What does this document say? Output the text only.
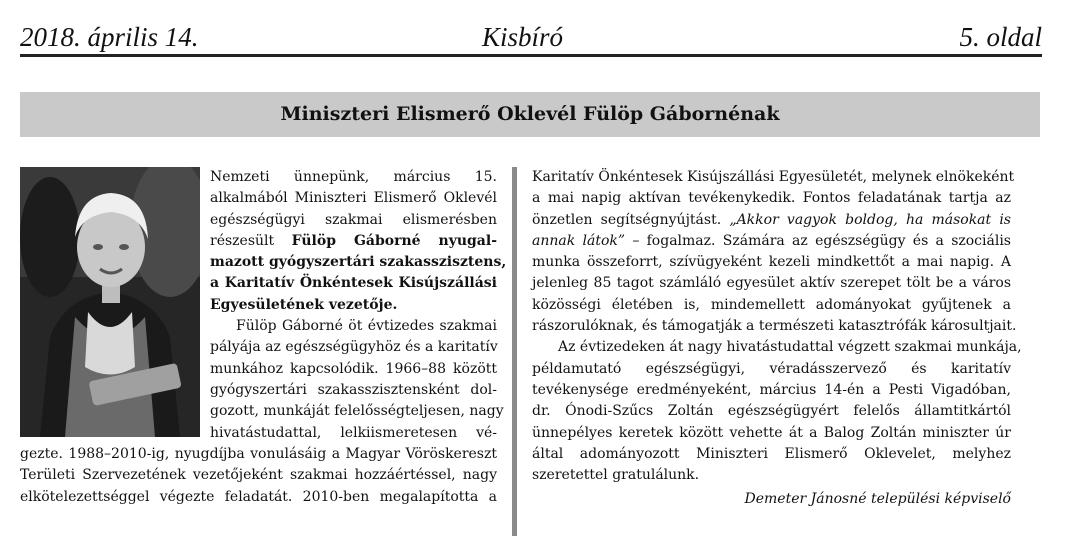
2018. április 14.	Kisbíró	5. oldal
Miniszteri Elismerő Oklevél Fülöp Gábornénak
Nemzeti ünnepünk, március 15.
alkalmából Miniszteri Elismerő Oklevél
egészségügyi szakmai elismerésben
részesült Fülöp Gáborné nyugal-
mazott gyógyszertári szakasszisztens,
a Karitatív Önkéntesek Kisújszállási
Egyesületének vezetője.
Fülöp Gáborné öt évtizedes szakmai
pályája az egészségügyhöz és a karitatív
munkához kapcsolódik. 1966–88 között
gyógyszertári szakasszisztensként dol-
gozott, munkáját felelősségteljesen, nagy
hivatástudattal, lelkiismeretesen vé-
gezte. 1988–2010-ig, nyugdíjba vonulásáig a Magyar Vöröskereszt
Területi Szervezetének vezetőjeként szakmai hozzáértéssel, nagy
elkötelezettséggel végezte feladatát. 2010-ben megalapította a
Karitatív Önkéntesek Kisújszállási Egyesületét, melynek elnökeként
a mai napig aktívan tevékenykedik. Fontos feladatának tartja az
önzetlen segítségnyújtást. „Akkor vagyok boldog, ha másokat is
annak látok” – fogalmaz. Számára az egészségügy és a szociális
munka összeforrt, szívügyeként kezeli mindkettőt a mai napig. A
jelenleg 85 tagot számláló egyesület aktív szerepet tölt be a város
közösségi életében is, mindemellett adományokat gyűjtenek a
rászorulóknak, és támogatják a természeti katasztrófák károsultjait.
Az évtizedeken át nagy hivatástudattal végzett szakmai munkája,
példamutató egészségügyi, véradásszervező és karitatív
tevékenysége eredményeként, március 14-én a Pesti Vigadóban,
dr. Ónodi-Szűcs Zoltán egészségügyért felelős államtitkártól
ünnepélyes keretek között vehette át a Balog Zoltán miniszter úr
által adományozott Miniszteri Elismerő Oklevelet, melyhez
szeretettel gratulálunk.
Demeter Jánosné települési képviselő
